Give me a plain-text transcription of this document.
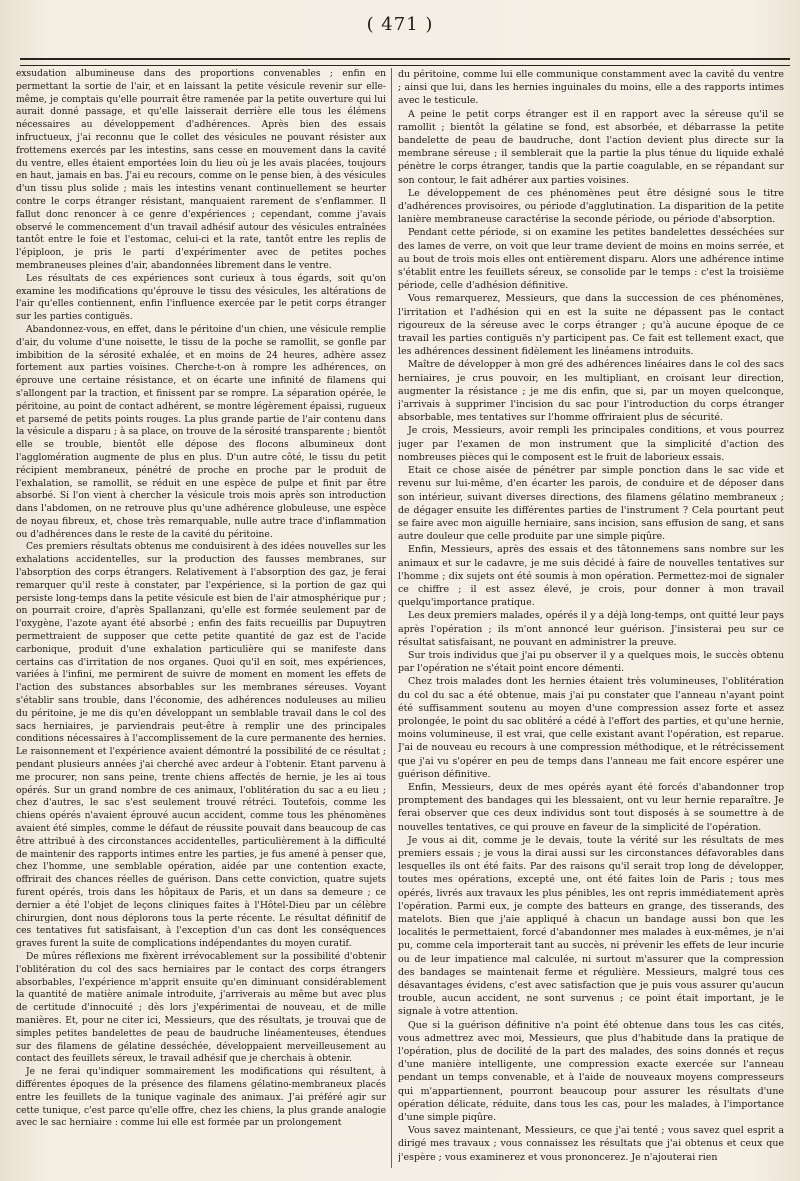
( 471 )

exsudation albumineuse dans des proportions convenables ; enfin en permettant la sortie de l'air, et en laissant la petite vésicule revenir sur elle-même, je comptais qu'elle pourrait être ramenée par la petite ouverture qui lui aurait donné passage, et qu'elle laisserait derrière elle tous les élémens nécessaires au développement d'adhérences. Après bien des essais infructueux, j'ai reconnu que le collet des vésicules ne pouvant résister aux frottemens exercés par les intestins, sans cesse en mouvement dans la cavité du ventre, elles étaient emportées loin du lieu où je les avais placées, toujours en haut, jamais en bas. J'ai eu recours, comme on le pense bien, à des vésicules d'un tissu plus solide ; mais les intestins venant continuellement se heurter contre le corps étranger résistant, manquaient rarement de s'enflammer. Il fallut donc renoncer à ce genre d'expériences ; cependant, comme j'avais observé le commencement d'un travail adhésif autour des vésicules entraînées tantôt entre le foie et l'estomac, celui-ci et la rate, tantôt entre les replis de l'épiploon, je pris le parti d'expérimenter avec de petites poches membraneuses pleines d'air, abandonnées librement dans le ventre.

Les résultats de ces expériences sont curieux à tous égards, soit qu'on examine les modifications qu'éprouve le tissu des vésicules, les altérations de l'air qu'elles contiennent, enfin l'influence exercée par le petit corps étranger sur les parties contiguës.

Abandonnez-vous, en effet, dans le péritoine d'un chien, une vésicule remplie d'air, du volume d'une noisette, le tissu de la poche se ramollit, se gonfle par imbibition de la sérosité exhalée, et en moins de 24 heures, adhère assez fortement aux parties voisines. Cherche-t-on à rompre les adhérences, on éprouve une certaine résistance, et on écarte une infinité de filamens qui s'allongent par la traction, et finissent par se rompre. La séparation opérée, le péritoine, au point de contact adhérent, se montre légèrement épaissi, rugueux et parsemé de petits points rouges. La plus grande partie de l'air contenu dans la vésicule a disparu ; à sa place, on trouve de la sérosité transparente ; bientôt elle se trouble, bientôt elle dépose des flocons albumineux dont l'agglomération augmente de plus en plus. D'un autre côté, le tissu du petit récipient membraneux, pénétré de proche en proche par le produit de l'exhalation, se ramollit, se réduit en une espèce de pulpe et finit par être absorbé. Si l'on vient à chercher la vésicule trois mois après son introduction dans l'abdomen, on ne retrouve plus qu'une adhérence globuleuse, une espèce de noyau fibreux, et, chose très remarquable, nulle autre trace d'inflammation ou d'adhérences dans le reste de la cavité du péritoine.

Ces premiers résultats obtenus me conduisirent à des idées nouvelles sur les exhalations accidentelles, sur la production des fausses membranes, sur l'absorption des corps étrangers. Relativement à l'absorption des gaz, je ferai remarquer qu'il reste à constater, par l'expérience, si la portion de gaz qui persiste long-temps dans la petite vésicule est bien de l'air atmosphérique pur ; on pourrait croire, d'après Spallanzani, qu'elle est formée seulement par de l'oxygène, l'azote ayant été absorbé ; enfin des faits recueillis par Dupuytren permettraient de supposer que cette petite quantité de gaz est de l'acide carbonique, produit d'une exhalation particulière qui se manifeste dans certains cas d'irritation de nos organes. Quoi qu'il en soit, mes expériences, variées à l'infini, me permirent de suivre de moment en moment les effets de l'action des substances absorbables sur les membranes séreuses. Voyant s'établir sans trouble, dans l'économie, des adhérences noduleuses au milieu du péritoine, je me dis qu'en développant un semblable travail dans le col des sacs herniaires, je parviendrais peut-être à remplir une des principales conditions nécessaires à l'accomplissement de la cure permanente des hernies. Le raisonnement et l'expérience avaient démontré la possibilité de ce résultat ; pendant plusieurs années j'ai cherché avec ardeur à l'obtenir. Etant parvenu à me procurer, non sans peine, trente chiens affectés de hernie, je les ai tous opérés. Sur un grand nombre de ces animaux, l'oblitération du sac a eu lieu ; chez d'autres, le sac s'est seulement trouvé rétréci. Toutefois, comme les chiens opérés n'avaient éprouvé aucun accident, comme tous les phénomènes avaient été simples, comme le défaut de réussite pouvait dans beaucoup de cas être attribué à des circonstances accidentelles, particulièrement à la difficulté de maintenir des rapports intimes entre les parties, je fus amené à penser que, chez l'homme, une semblable opération, aidée par une contention exacte, offrirait des chances réelles de guérison. Dans cette conviction, quatre sujets furent opérés, trois dans les hôpitaux de Paris, et un dans sa demeure ; ce dernier a été l'objet de leçons cliniques faites à l'Hôtel-Dieu par un célèbre chirurgien, dont nous déplorons tous la perte récente. Le résultat définitif de ces tentatives fut satisfaisant, à l'exception d'un cas dont les conséquences graves furent la suite de complications indépendantes du moyen curatif.

De mûres réflexions me fixèrent irrévocablement sur la possibilité d'obtenir l'oblitération du col des sacs herniaires par le contact des corps étrangers absorbables, l'expérience m'apprit ensuite qu'en diminuant considérablement la quantité de matière animale introduite, j'arriverais au même but avec plus de certitude d'innocuité ; dès lors j'expérimentai de nouveau, et de mille manières. Et, pour ne citer ici, Messieurs, que des résultats, je trouvai que de simples petites bandelettes de peau de baudruche linéamenteuses, étendues sur des filamens de gélatine desséchée, développaient merveilleusement au contact des feuillets séreux, le travail adhésif que je cherchais à obtenir.

Je ne ferai qu'indiquer sommairement les modifications qui résultent, à différentes époques de la présence des filamens gélatino-membraneux placés entre les feuillets de la tunique vaginale des animaux. J'ai préféré agir sur cette tunique, c'est parce qu'elle offre, chez les chiens, la plus grande analogie avec le sac herniaire : comme lui elle est formée par un prolongement

du péritoine, comme lui elle communique constamment avec la cavité du ventre ; ainsi que lui, dans les hernies inguinales du moins, elle a des rapports intimes avec le testicule.

A peine le petit corps étranger est il en rapport avec la séreuse qu'il se ramollit ; bientôt la gélatine se fond, est absorbée, et débarrasse la petite bandelette de peau de baudruche, dont l'action devient plus directe sur la membrane séreuse ; il semblerait que la partie la plus ténue du liquide exhalé pénètre le corps étranger, tandis que la partie coagulable, en se répandant sur son contour, le fait adhérer aux parties voisines.

Le développement de ces phénomènes peut être désigné sous le titre d'adhérences provisoires, ou période d'agglutination. La disparition de la petite lanière membraneuse caractérise la seconde période, ou période d'absorption.

Pendant cette période, si on examine les petites bandelettes desséchées sur des lames de verre, on voit que leur trame devient de moins en moins serrée, et au bout de trois mois elles ont entièrement disparu. Alors une adhérence intime s'établit entre les feuillets séreux, se consolide par le temps : c'est la troisième période, celle d'adhésion définitive.

Vous remarquerez, Messieurs, que dans la succession de ces phénomènes, l'irritation et l'adhésion qui en est la suite ne dépassent pas le contact rigoureux de la séreuse avec le corps étranger ; qu'à aucune époque de ce travail les parties contiguës n'y participent pas. Ce fait est tellement exact, que les adhérences dessinent fidèlement les linéamens introduits.

Maître de développer à mon gré des adhérences linéaires dans le col des sacs herniaires, je crus pouvoir, en les multipliant, en croisant leur direction, augmenter la résistance ; je me dis enfin, que si, par un moyen quelconque, j'arrivais à supprimer l'incision du sac pour l'introduction du corps étranger absorbable, mes tentatives sur l'homme offriraient plus de sécurité.

Je crois, Messieurs, avoir rempli les principales conditions, et vous pourrez juger par l'examen de mon instrument que la simplicité d'action des nombreuses pièces qui le composent est le fruit de laborieux essais.

Etait ce chose aisée de pénétrer par simple ponction dans le sac vide et revenu sur lui-même, d'en écarter les parois, de conduire et de déposer dans son intérieur, suivant diverses directions, des filamens gélatino membraneux ; de dégager ensuite les différentes parties de l'instrument ? Cela pourtant peut se faire avec mon aiguille herniaire, sans incision, sans effusion de sang, et sans autre douleur que celle produite par une simple piqûre.

Enfin, Messieurs, après des essais et des tâtonnemens sans nombre sur les animaux et sur le cadavre, je me suis décidé à faire de nouvelles tentatives sur l'homme ; dix sujets ont été soumis à mon opération. Permettez-moi de signaler ce chiffre ; il est assez élevé, je crois, pour donner à mon travail quelqu'importance pratique.

Les deux premiers malades, opérés il y a déjà long-temps, ont quitté leur pays après l'opération ; ils m'ont annoncé leur guérison. J'insisterai peu sur ce résultat satisfaisant, ne pouvant en administrer la preuve.

Sur trois individus que j'ai pu observer il y a quelques mois, le succès obtenu par l'opération ne s'était point encore démenti.

Chez trois malades dont les hernies étaient très volumineuses, l'oblitération du col du sac a été obtenue, mais j'ai pu constater que l'anneau n'ayant point été suffisamment soutenu au moyen d'une compression assez forte et assez prolongée, le point du sac oblitéré a cédé à l'effort des parties, et qu'une hernie, moins volumineuse, il est vrai, que celle existant avant l'opération, est reparue. J'ai de nouveau eu recours à une compression méthodique, et le rétrécissement que j'ai vu s'opérer en peu de temps dans l'anneau me fait encore espérer une guérison définitive.

Enfin, Messieurs, deux de mes opérés ayant été forcés d'abandonner trop promptement des bandages qui les blessaient, ont vu leur hernie reparaître. Je ferai observer que ces deux individus sont tout disposés à se soumettre à de nouvelles tentatives, ce qui prouve en faveur de la simplicité de l'opération.

Je vous ai dit, comme je le devais, toute la vérité sur les résultats de mes premiers essais ; je vous la dirai aussi sur les circonstances défavorables dans lesquelles ils ont été faits. Par des raisons qu'il serait trop long de développer, toutes mes opérations, excepté une, ont été faites loin de Paris ; tous mes opérés, livrés aux travaux les plus pénibles, les ont repris immédiatement après l'opération. Parmi eux, je compte des batteurs en grange, des tisserands, des matelots. Bien que j'aie appliqué à chacun un bandage aussi bon que les localités le permettaient, forcé d'abandonner mes malades à eux-mêmes, je n'ai pu, comme cela importerait tant au succès, ni prévenir les effets de leur incurie ou de leur impatience mal calculée, ni surtout m'assurer que la compression des bandages se maintenait ferme et régulière. Messieurs, malgré tous ces désavantages évidens, c'est avec satisfaction que je puis vous assurer qu'aucun trouble, aucun accident, ne sont survenus ; ce point était important, je le signale à votre attention.

Que si la guérison définitive n'a point été obtenue dans tous les cas cités, vous admettrez avec moi, Messieurs, que plus d'habitude dans la pratique de l'opération, plus de docilité de la part des malades, des soins donnés et reçus d'une manière intelligente, une compression exacte exercée sur l'anneau pendant un temps convenable, et à l'aide de nouveaux moyens compresseurs qui m'appartiennent, pourront beaucoup pour assurer les résultats d'une opération délicate, réduite, dans tous les cas, pour les malades, à l'importance d'une simple piqûre.

Vous savez maintenant, Messieurs, ce que j'ai tenté ; vous savez quel esprit a dirigé mes travaux ; vous connaissez les résultats que j'ai obtenus et ceux que j'espère ; vous examinerez et vous prononcerez. Je n'ajouterai rien
